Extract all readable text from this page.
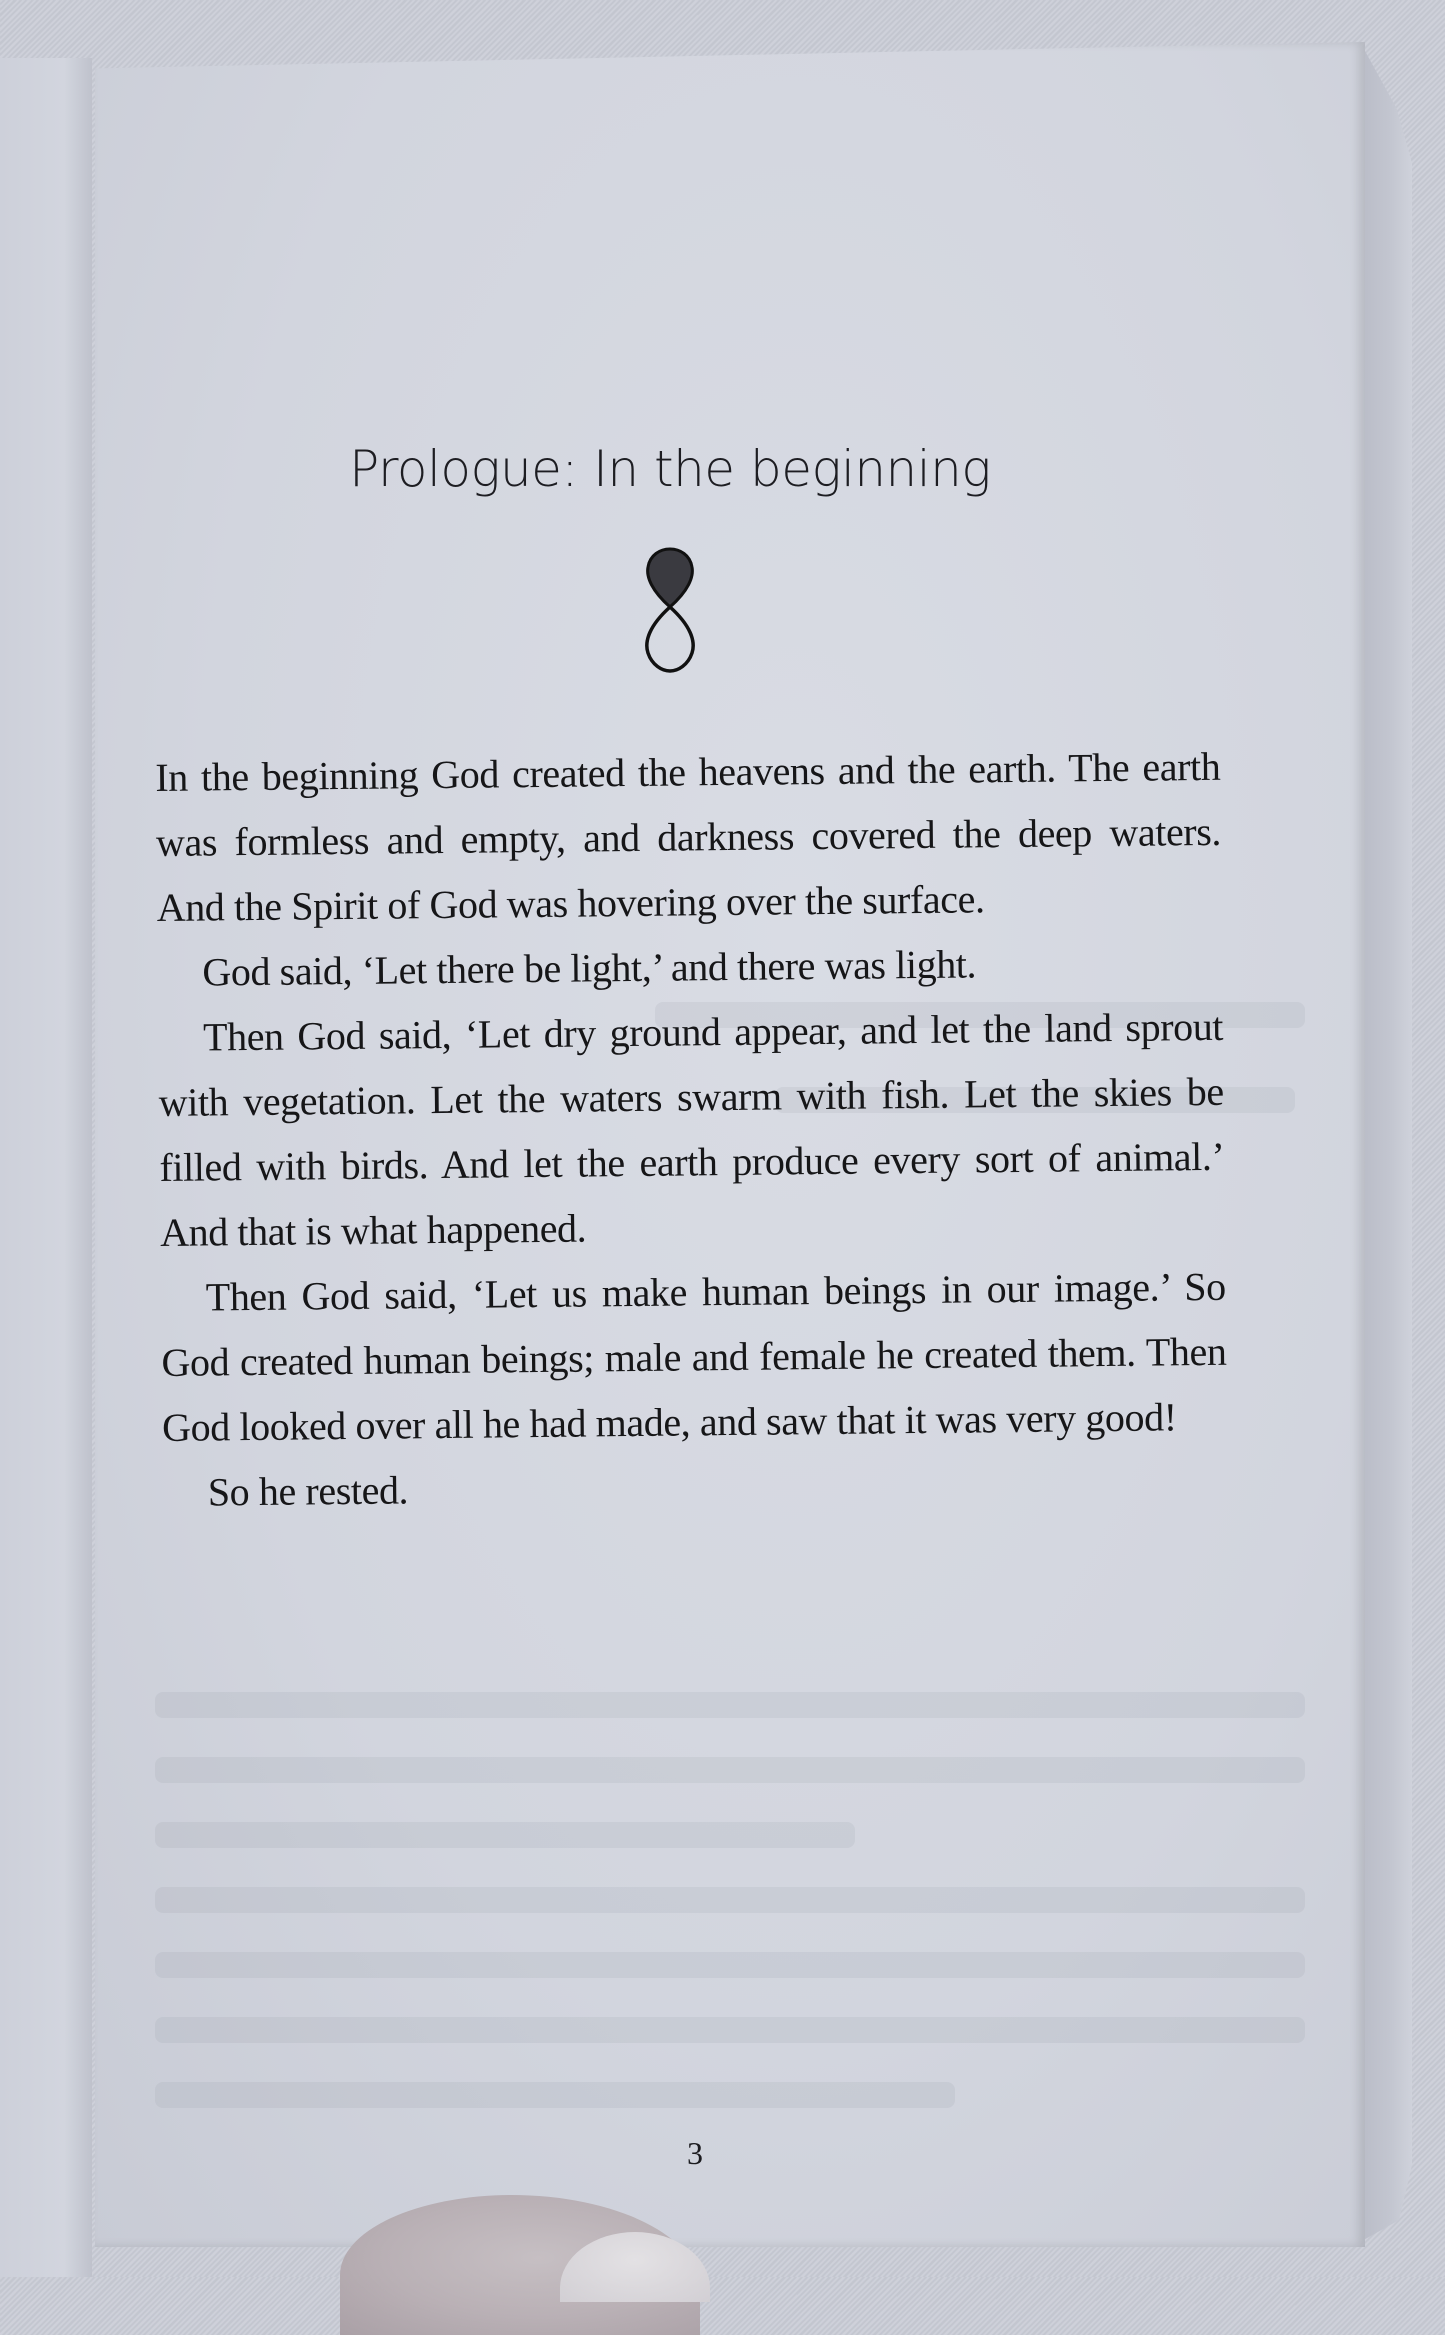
Prologue: In the beginning

In the beginning God created the heavens and the earth. The earth was formless and empty, and darkness covered the deep waters. And the Spirit of God was hovering over the surface.

God said, ‘Let there be light,’ and there was light.

Then God said, ‘Let dry ground appear, and let the land sprout with vegetation. Let the waters swarm with fish. Let the skies be filled with birds. And let the earth produce every sort of animal.’ And that is what happened.

Then God said, ‘Let us make human beings in our image.’ So God created human beings; male and female he created them. Then God looked over all he had made, and saw that it was very good!

So he rested.

3
